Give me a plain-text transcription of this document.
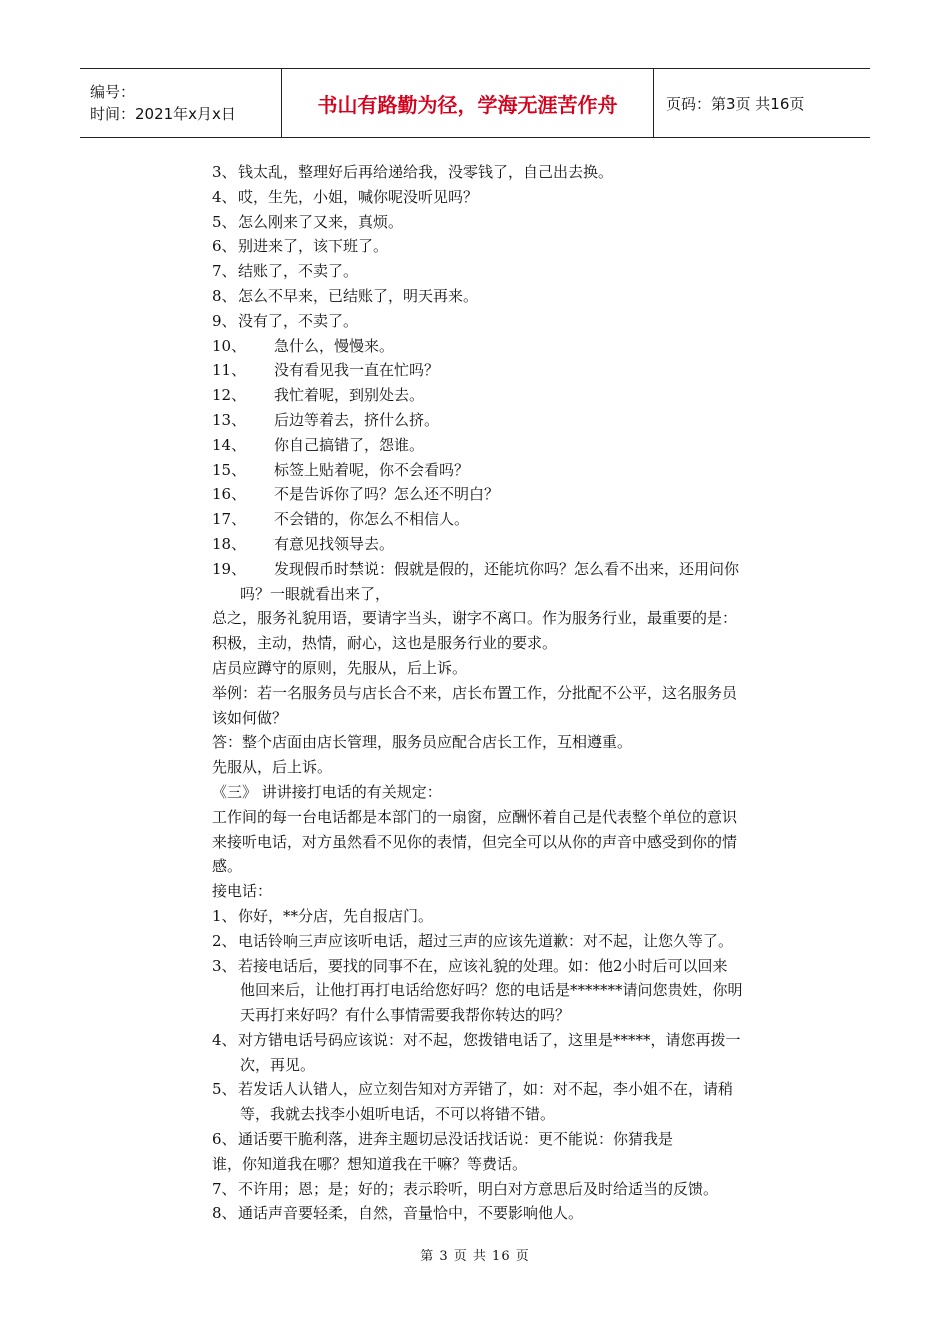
编号：
时间：2021年x月x日	书山有路勤为径，学海无涯苦作舟	页码：第3页 共16页
3、钱太乱，整理好后再给递给我，没零钱了，自己出去换。
4、哎，生先，小姐，喊你呢没听见吗？
5、怎么刚来了又来，真烦。
6、别进来了，该下班了。
7、结账了，不卖了。
8、怎么不早来，已结账了，明天再来。
9、没有了，不卖了。
10、 急什么，慢慢来。
11、 没有看见我一直在忙吗？
12、 我忙着呢，到别处去。
13、 后边等着去，挤什么挤。
14、 你自己搞错了，怨谁。
15、 标签上贴着呢，你不会看吗？
16、 不是告诉你了吗？怎么还不明白？
17、 不会错的，你怎么不相信人。
18、 有意见找领导去。
19、 发现假币时禁说：假就是假的，还能坑你吗？怎么看不出来，还用问你
吗？一眼就看出来了，
总之，服务礼貌用语，要请字当头，谢字不离口。作为服务行业，最重要的是：
积极，主动，热情，耐心，这也是服务行业的要求。
店员应蹲守的原则，先服从，后上诉。
举例：若一名服务员与店长合不来，店长布置工作，分批配不公平，这名服务员
该如何做？
答：整个店面由店长管理，服务员应配合店长工作，互相遵重。
先服从，后上诉。
《三》 讲讲接打电话的有关规定：
工作间的每一台电话都是本部门的一扇窗，应酬怀着自己是代表整个单位的意识
来接听电话，对方虽然看不见你的表情，但完全可以从你的声音中感受到你的情
感。
接电话：
1、你好，**分店，先自报店门。
2、电话铃响三声应该听电话，超过三声的应该先道歉：对不起，让您久等了。
3、若接电话后，要找的同事不在，应该礼貌的处理。如：他2小时后可以回来
他回来后，让他打再打电话给您好吗？您的电话是*******请问您贵姓，你明
天再打来好吗？有什么事情需要我帮你转达的吗？
4、对方错电话号码应该说：对不起，您拨错电话了，这里是*****，请您再拨一
次，再见。
5、若发话人认错人，应立刻告知对方弄错了，如：对不起，李小姐不在，请稍
等，我就去找李小姐听电话，不可以将错不错。
6、通话要干脆利落，进奔主题切忌没话找话说：更不能说：你猜我是
谁，你知道我在哪？想知道我在干嘛？等费话。
7、不许用；恩；是；好的；表示聆听，明白对方意思后及时给适当的反馈。
8、通话声音要轻柔，自然，音量恰中，不要影响他人。
第 3 页 共 16 页
